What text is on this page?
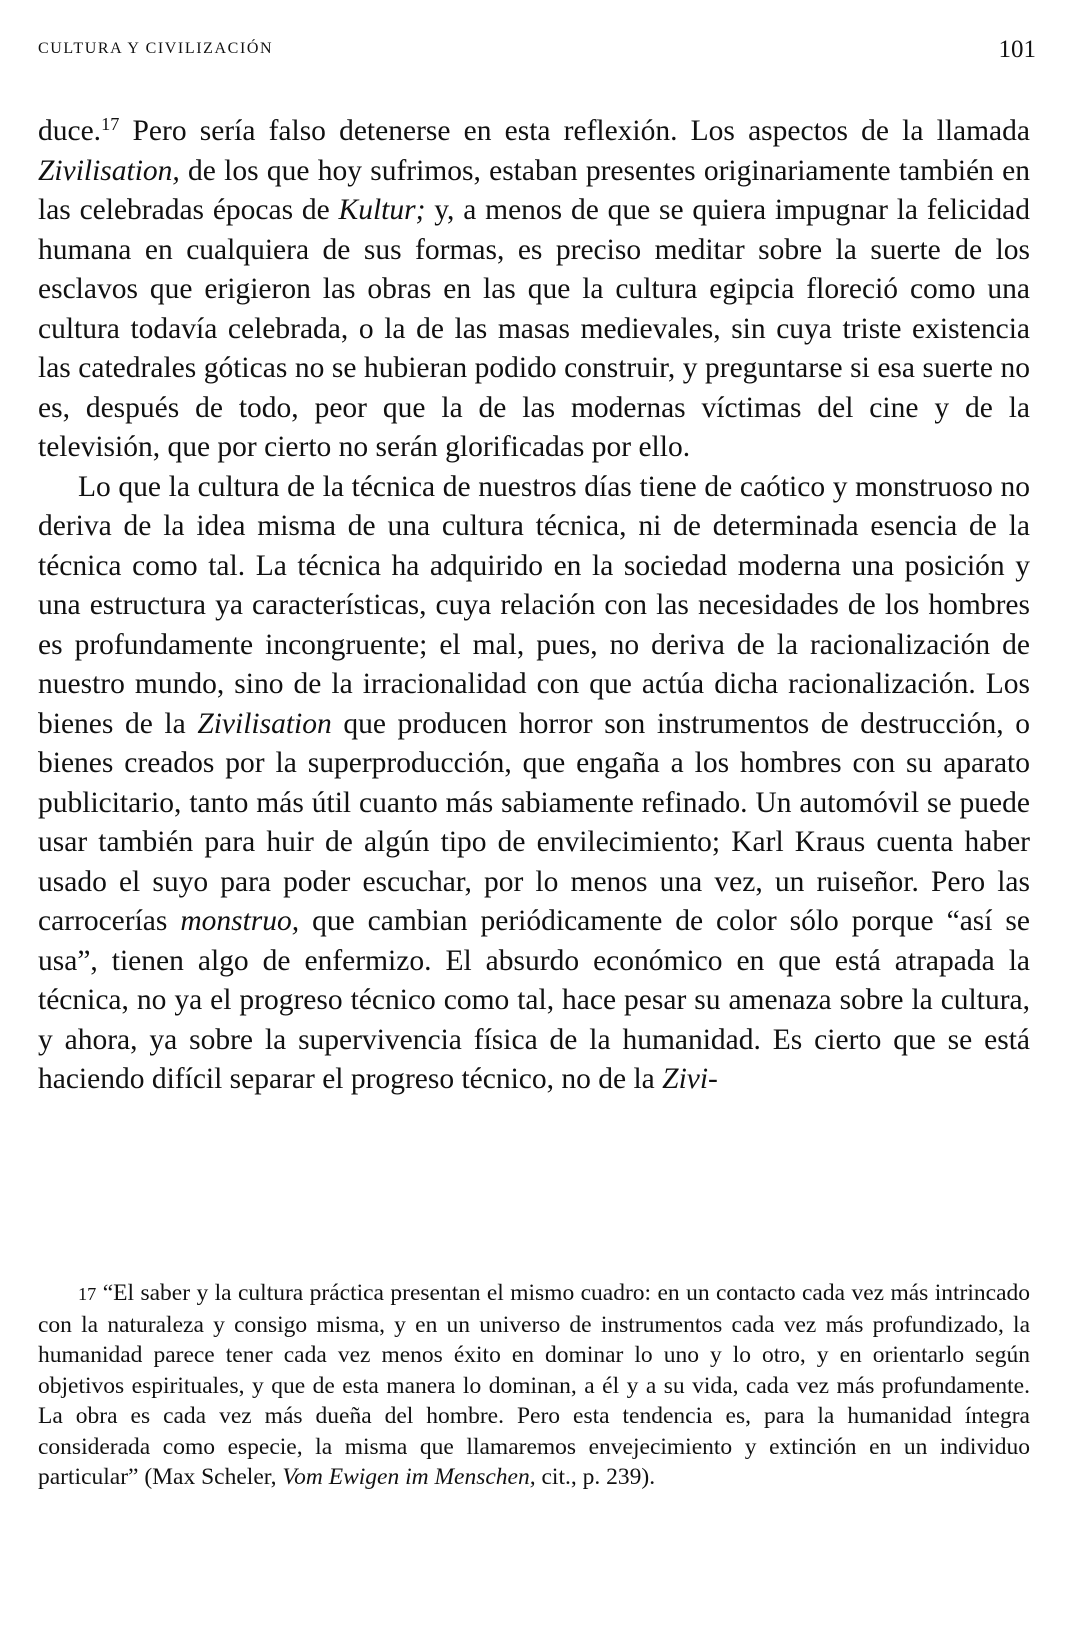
CULTURA Y CIVILIZACIÓN	101

duce.$^{17}$ Pero sería falso detenerse en esta reflexión. Los aspectos de la llamada Zivilisation, de los que hoy sufrimos, estaban presentes originariamente también en las celebradas épocas de Kultur; y, a menos de que se quiera impugnar la felicidad humana en cualquiera de sus formas, es preciso meditar sobre la suerte de los esclavos que erigieron las obras en las que la cultura egipcia floreció como una cultura todavía celebrada, o la de las masas medievales, sin cuya triste existencia las catedrales góticas no se hubieran podido construir, y preguntarse si esa suerte no es, después de todo, peor que la de las modernas víctimas del cine y de la televisión, que por cierto no serán glorificadas por ello.

Lo que la cultura de la técnica de nuestros días tiene de caótico y monstruoso no deriva de la idea misma de una cultura técnica, ni de determinada esencia de la técnica como tal. La técnica ha adquirido en la sociedad moderna una posición y una estructura ya características, cuya relación con las necesidades de los hombres es profundamente incongruente; el mal, pues, no deriva de la racionalización de nuestro mundo, sino de la irracionalidad con que actúa dicha racionalización. Los bienes de la Zivilisation que producen horror son instrumentos de destrucción, o bienes creados por la superproducción, que engaña a los hombres con su aparato publicitario, tanto más útil cuanto más sabiamente refinado. Un automóvil se puede usar también para huir de algún tipo de envilecimiento; Karl Kraus cuenta haber usado el suyo para poder escuchar, por lo menos una vez, un ruiseñor. Pero las carrocerías monstruo, que cambian periódicamente de color sólo porque “así se usa”, tienen algo de enfermizo. El absurdo económico en que está atrapada la técnica, no ya el progreso técnico como tal, hace pesar su amenaza sobre la cultura, y ahora, ya sobre la supervivencia física de la humanidad. Es cierto que se está haciendo difícil separar el progreso técnico, no de la Zivi-

17 “El saber y la cultura práctica presentan el mismo cuadro: en un contacto cada vez más intrincado con la naturaleza y consigo misma, y en un universo de instrumentos cada vez más profundizado, la humanidad parece tener cada vez menos éxito en dominar lo uno y lo otro, y en orientarlo según objetivos espirituales, y que de esta manera lo dominan, a él y a su vida, cada vez más profundamente. La obra es cada vez más dueña del hombre. Pero esta tendencia es, para la humanidad íntegra considerada como especie, la misma que llamaremos envejecimiento y extinción en un individuo particular” (Max Scheler, Vom Ewigen im Menschen, cit., p. 239).
